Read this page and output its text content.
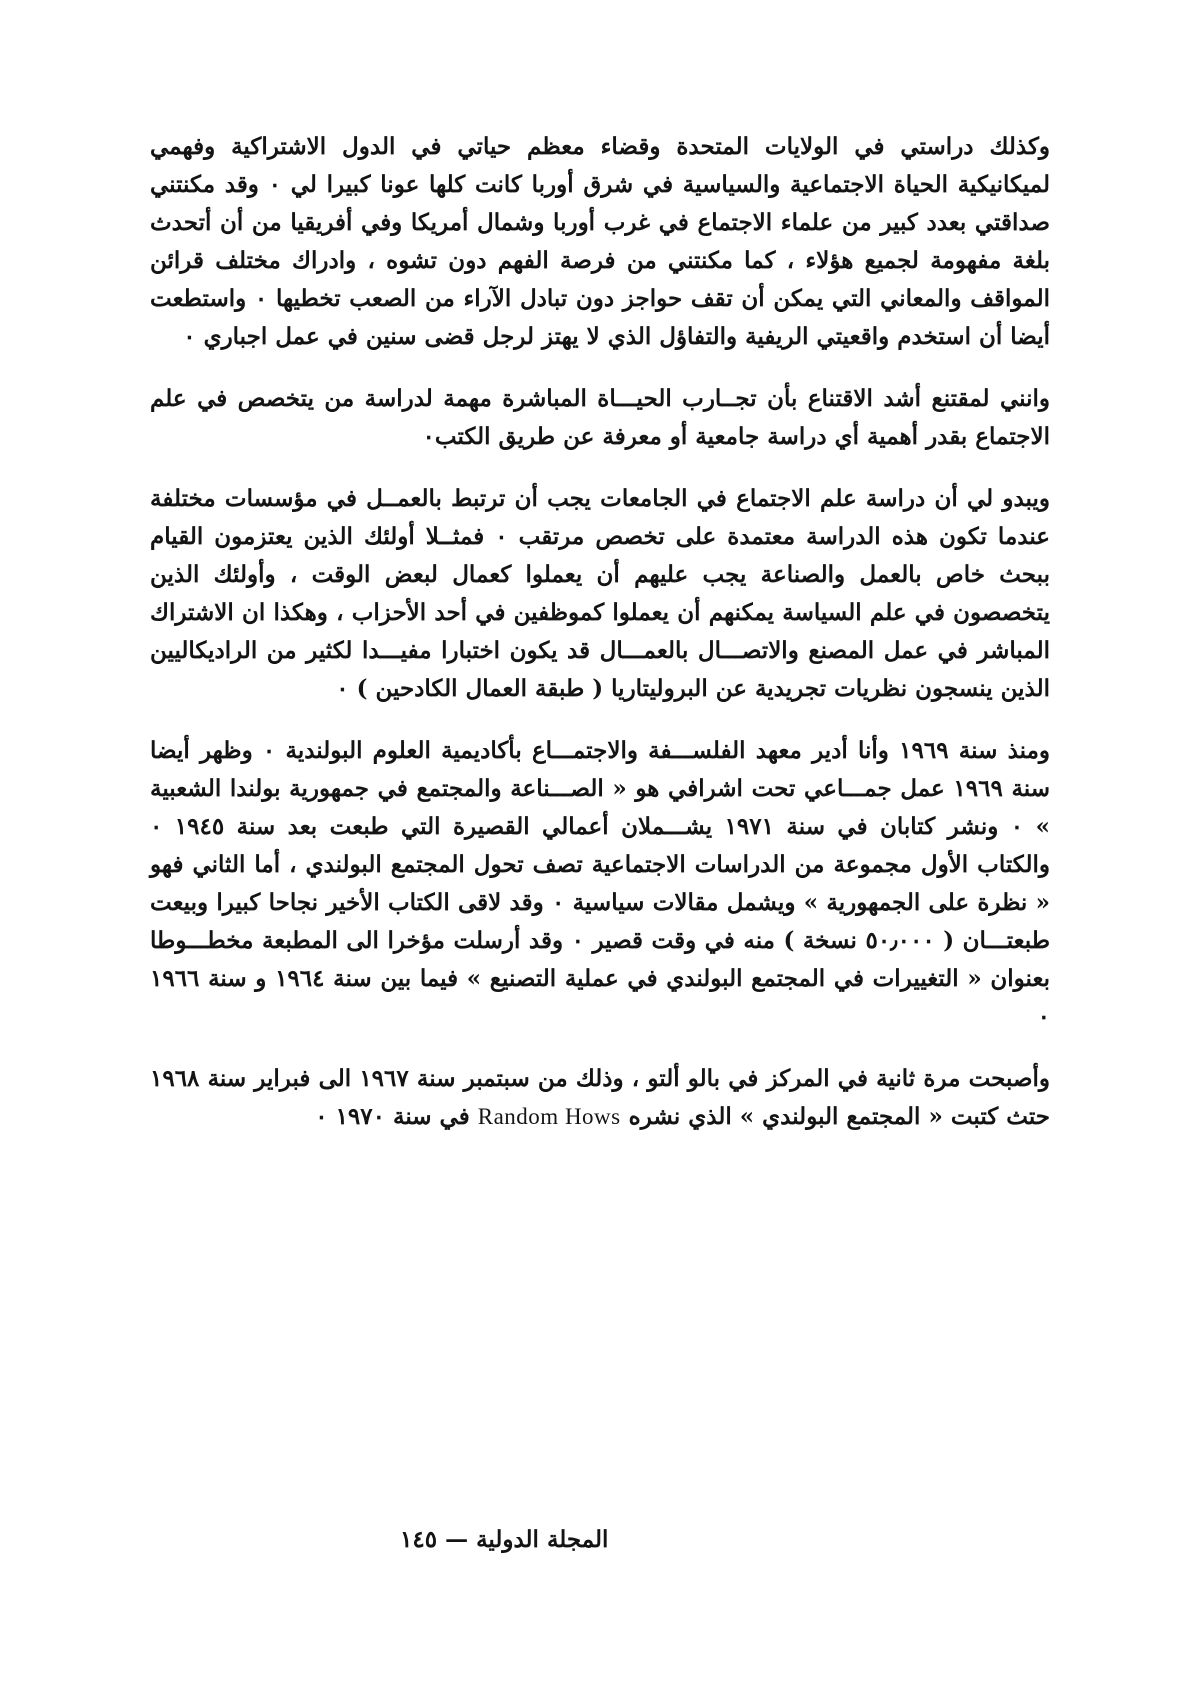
وكذلك دراستي في الولايات المتحدة وقضاء معظم حياتي في الدول الاشتراكية وفهمي لميكانيكية الحياة الاجتماعية والسياسية في شرق أوربا كانت كلها عونا كبيرا لي ٠ وقد مكنتني صداقتي بعدد كبير من علماء الاجتماع في غرب أوربا وشمال أمريكا وفي أفريقيا من أن أتحدث بلغة مفهومة لجميع هؤلاء ، كما مكنتني من فرصة الفهم دون تشوه ، وادراك مختلف قرائن المواقف والمعاني التي يمكن أن تقف حواجز دون تبادل الآراء من الصعب تخطيها ٠ واستطعت أيضا أن استخدم واقعيتي الريفية والتفاؤل الذي لا يهتز لرجل قضى سنين في عمل اجباري ٠

وانني لمقتنع أشد الاقتناع بأن تجــارب الحيـــاة المباشرة مهمة لدراسة من يتخصص في علم الاجتماع بقدر أهمية أي دراسة جامعية أو معرفة عن طريق الكتب٠

ويبدو لي أن دراسة علم الاجتماع في الجامعات يجب أن ترتبط بالعمــل في مؤسسات مختلفة عندما تكون هذه الدراسة معتمدة على تخصص مرتقب ٠ فمثــلا أولئك الذين يعتزمون القيام ببحث خاص بالعمل والصناعة يجب عليهم أن يعملوا كعمال لبعض الوقت ، وأولئك الذين يتخصصون في علم السياسة يمكنهم أن يعملوا كموظفين في أحد الأحزاب ، وهكذا ان الاشتراك المباشر في عمل المصنع والاتصـــال بالعمـــال قد يكون اختبارا مفيـــدا لكثير من الراديكاليين الذين ينسجون نظريات تجريدية عن البروليتاريا ( طبقة العمال الكادحين ) ٠

ومنذ سنة ١٩٦٩ وأنا أدير معهد الفلســـفة والاجتمـــاع بأكاديمية العلوم البولندية ٠ وظهر أيضا سنة ١٩٦٩ عمل جمـــاعي تحت اشرافي هو « الصـــناعة والمجتمع في جمهورية بولندا الشعبية » ٠ ونشر كتابان في سنة ١٩٧١ يشـــملان أعمالي القصيرة التي طبعت بعد سنة ١٩٤٥ ٠ والكتاب الأول مجموعة من الدراسات الاجتماعية تصف تحول المجتمع البولندي ، أما الثاني فهو « نظرة على الجمهورية » ويشمل مقالات سياسية ٠ وقد لاقى الكتاب الأخير نجاحا كبيرا وبيعت طبعتـــان ( ٥٠٫٠٠٠ نسخة ) منه في وقت قصير ٠ وقد أرسلت مؤخرا الى المطبعة مخطـــوطا بعنوان « التغييرات في المجتمع البولندي في عملية التصنيع » فيما بين سنة ١٩٦٤ و سنة ١٩٦٦ ٠

وأصبحت مرة ثانية في المركز في بالو ألتو ، وذلك من سبتمبر سنة ١٩٦٧ الى فبراير سنة ١٩٦٨ حتث كتبت « المجتمع البولندي » الذي نشره Random Hows في سنة ١٩٧٠ ٠

المجلة الدولية — ١٤٥
